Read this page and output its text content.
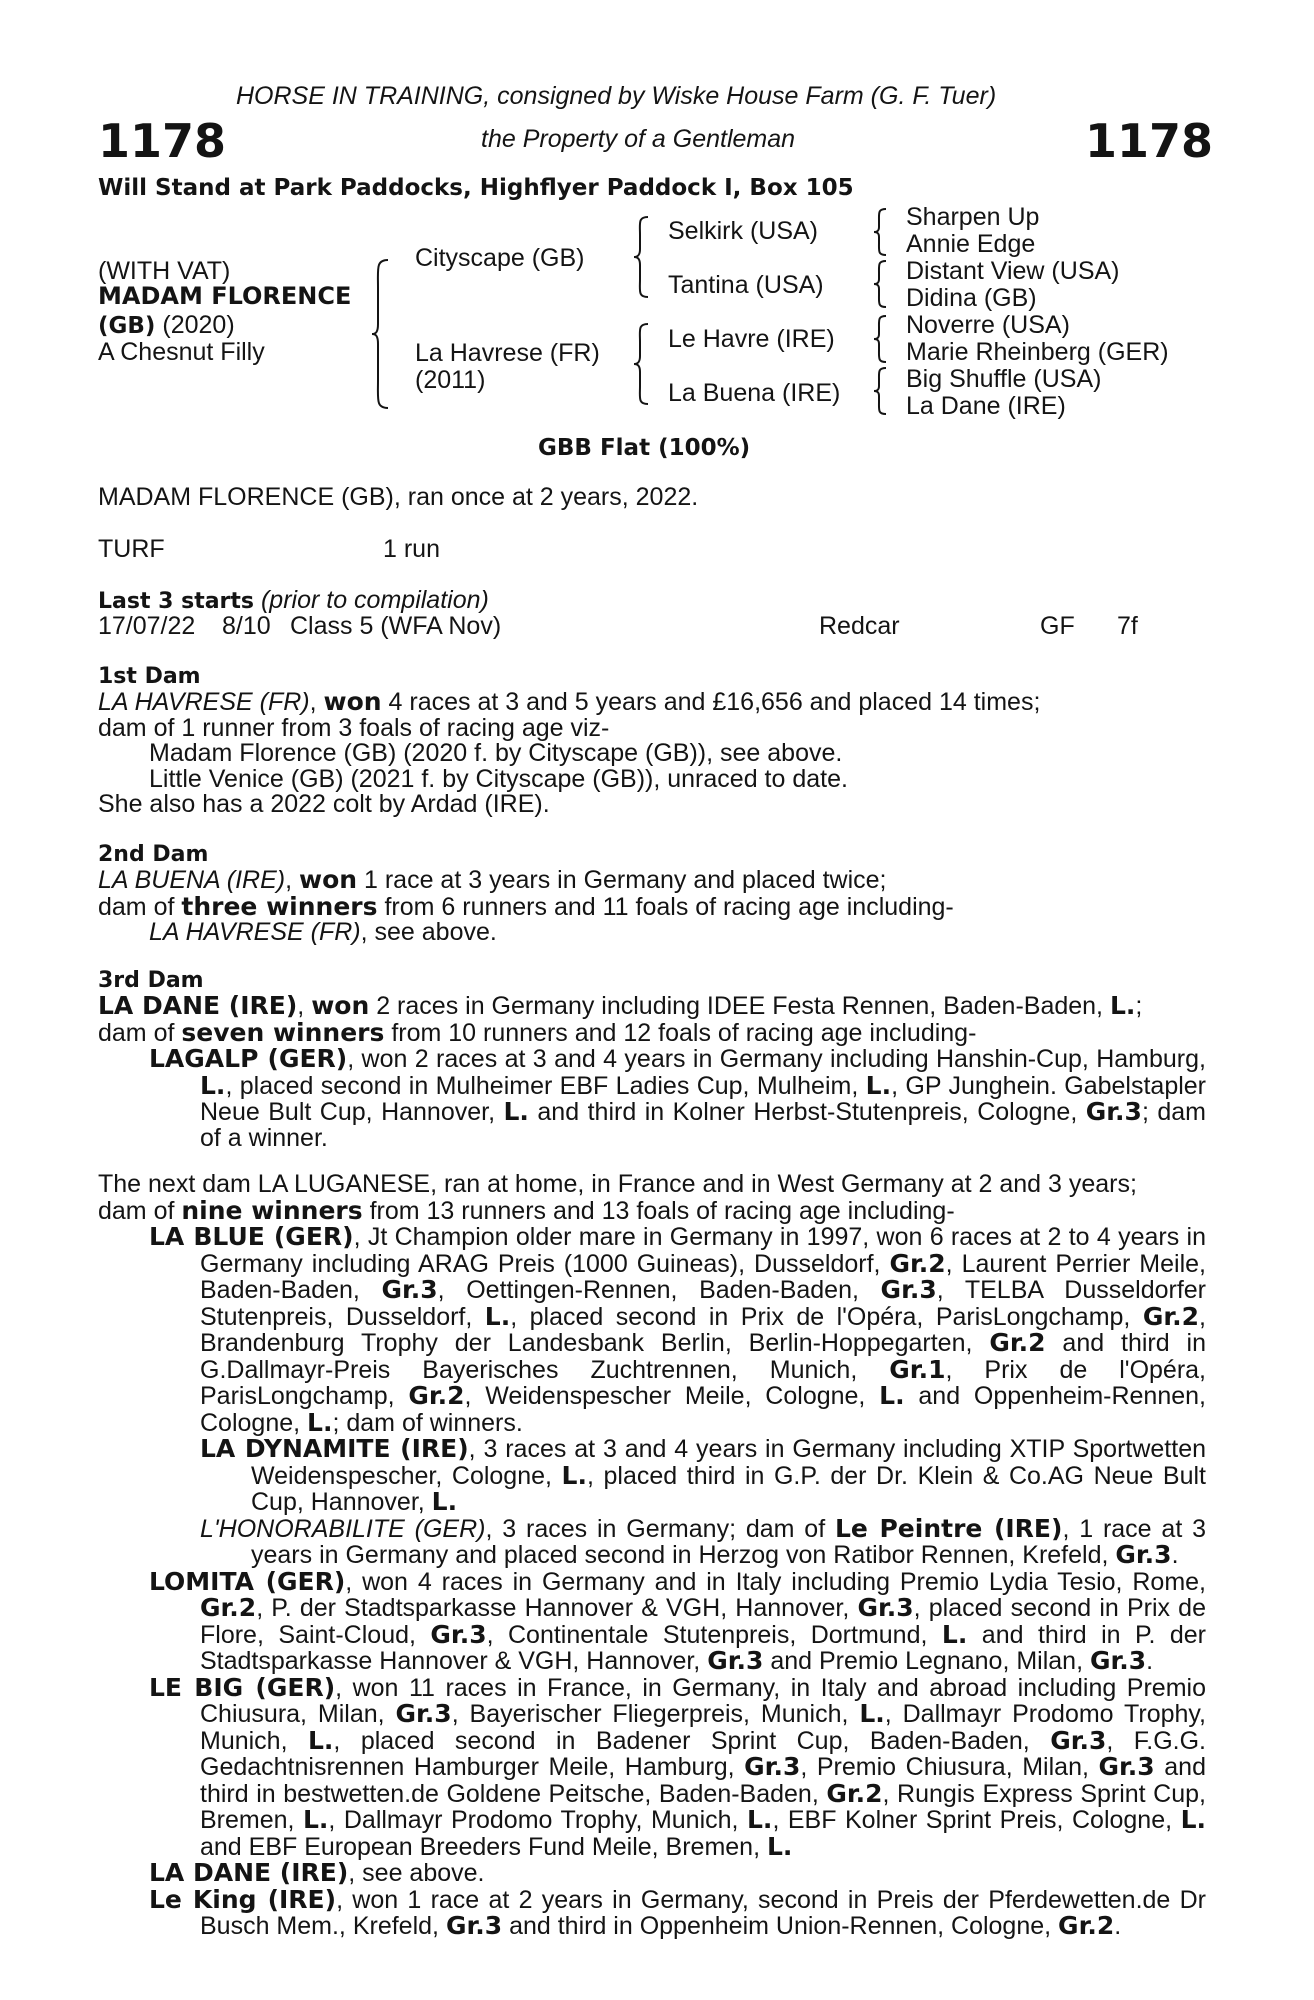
HORSE IN TRAINING, consigned by Wiske House Farm (G. F. Tuer)
1178	the Property of a Gentleman	1178
Will Stand at Park Paddocks, Highflyer Paddock I, Box 105
(WITH VAT)
MADAM FLORENCE
(GB) (2020)
A Chesnut Filly
Cityscape (GB)
La Havrese (FR)
(2011)
Selkirk (USA)
Tantina (USA)
Le Havre (IRE)
La Buena (IRE)
Sharpen Up
Annie Edge
Distant View (USA)
Didina (GB)
Noverre (USA)
Marie Rheinberg (GER)
Big Shuffle (USA)
La Dane (IRE)
GBB Flat (100%)
MADAM FLORENCE (GB), ran once at 2 years, 2022.
TURF	1 run
Last 3 starts (prior to compilation)
17/07/22 8/10 Class 5 (WFA Nov)	Redcar	GF 7f
1st Dam
LA HAVRESE (FR), won 4 races at 3 and 5 years and £16,656 and placed 14 times;
dam of 1 runner from 3 foals of racing age viz-
Madam Florence (GB) (2020 f. by Cityscape (GB)), see above.
Little Venice (GB) (2021 f. by Cityscape (GB)), unraced to date.
She also has a 2022 colt by Ardad (IRE).
2nd Dam
LA BUENA (IRE), won 1 race at 3 years in Germany and placed twice;
dam of three winners from 6 runners and 11 foals of racing age including-
LA HAVRESE (FR), see above.
3rd Dam
LA DANE (IRE), won 2 races in Germany including IDEE Festa Rennen, Baden-Baden, L.;
dam of seven winners from 10 runners and 12 foals of racing age including-
LAGALP (GER), won 2 races at 3 and 4 years in Germany including Hanshin-Cup, Hamburg, L., placed second in Mulheimer EBF Ladies Cup, Mulheim, L., GP Junghein. Gabelstapler Neue Bult Cup, Hannover, L. and third in Kolner Herbst-Stutenpreis, Cologne, Gr.3; dam of a winner.
The next dam LA LUGANESE, ran at home, in France and in West Germany at 2 and 3 years;
dam of nine winners from 13 runners and 13 foals of racing age including-
LA BLUE (GER), Jt Champion older mare in Germany in 1997, won 6 races at 2 to 4 years in Germany including ARAG Preis (1000 Guineas), Dusseldorf, Gr.2, Laurent Perrier Meile, Baden-Baden, Gr.3, Oettingen-Rennen, Baden-Baden, Gr.3, TELBA Dusseldorfer Stutenpreis, Dusseldorf, L., placed second in Prix de l'Opéra, ParisLongchamp, Gr.2, Brandenburg Trophy der Landesbank Berlin, Berlin-Hoppegarten, Gr.2 and third in G.Dallmayr-Preis Bayerisches Zuchtrennen, Munich, Gr.1, Prix de l'Opéra, ParisLongchamp, Gr.2, Weidenspescher Meile, Cologne, L. and Oppenheim-Rennen, Cologne, L.; dam of winners.
LA DYNAMITE (IRE), 3 races at 3 and 4 years in Germany including XTIP Sportwetten Weidenspescher, Cologne, L., placed third in G.P. der Dr. Klein & Co.AG Neue Bult Cup, Hannover, L.
L'HONORABILITE (GER), 3 races in Germany; dam of Le Peintre (IRE), 1 race at 3 years in Germany and placed second in Herzog von Ratibor Rennen, Krefeld, Gr.3.
LOMITA (GER), won 4 races in Germany and in Italy including Premio Lydia Tesio, Rome, Gr.2, P. der Stadtsparkasse Hannover & VGH, Hannover, Gr.3, placed second in Prix de Flore, Saint-Cloud, Gr.3, Continentale Stutenpreis, Dortmund, L. and third in P. der Stadtsparkasse Hannover & VGH, Hannover, Gr.3 and Premio Legnano, Milan, Gr.3.
LE BIG (GER), won 11 races in France, in Germany, in Italy and abroad including Premio Chiusura, Milan, Gr.3, Bayerischer Fliegerpreis, Munich, L., Dallmayr Prodomo Trophy, Munich, L., placed second in Badener Sprint Cup, Baden-Baden, Gr.3, F.G.G. Gedachtnisrennen Hamburger Meile, Hamburg, Gr.3, Premio Chiusura, Milan, Gr.3 and third in bestwetten.de Goldene Peitsche, Baden-Baden, Gr.2, Rungis Express Sprint Cup, Bremen, L., Dallmayr Prodomo Trophy, Munich, L., EBF Kolner Sprint Preis, Cologne, L. and EBF European Breeders Fund Meile, Bremen, L.
LA DANE (IRE), see above.
Le King (IRE), won 1 race at 2 years in Germany, second in Preis der Pferdewetten.de Dr Busch Mem., Krefeld, Gr.3 and third in Oppenheim Union-Rennen, Cologne, Gr.2.
